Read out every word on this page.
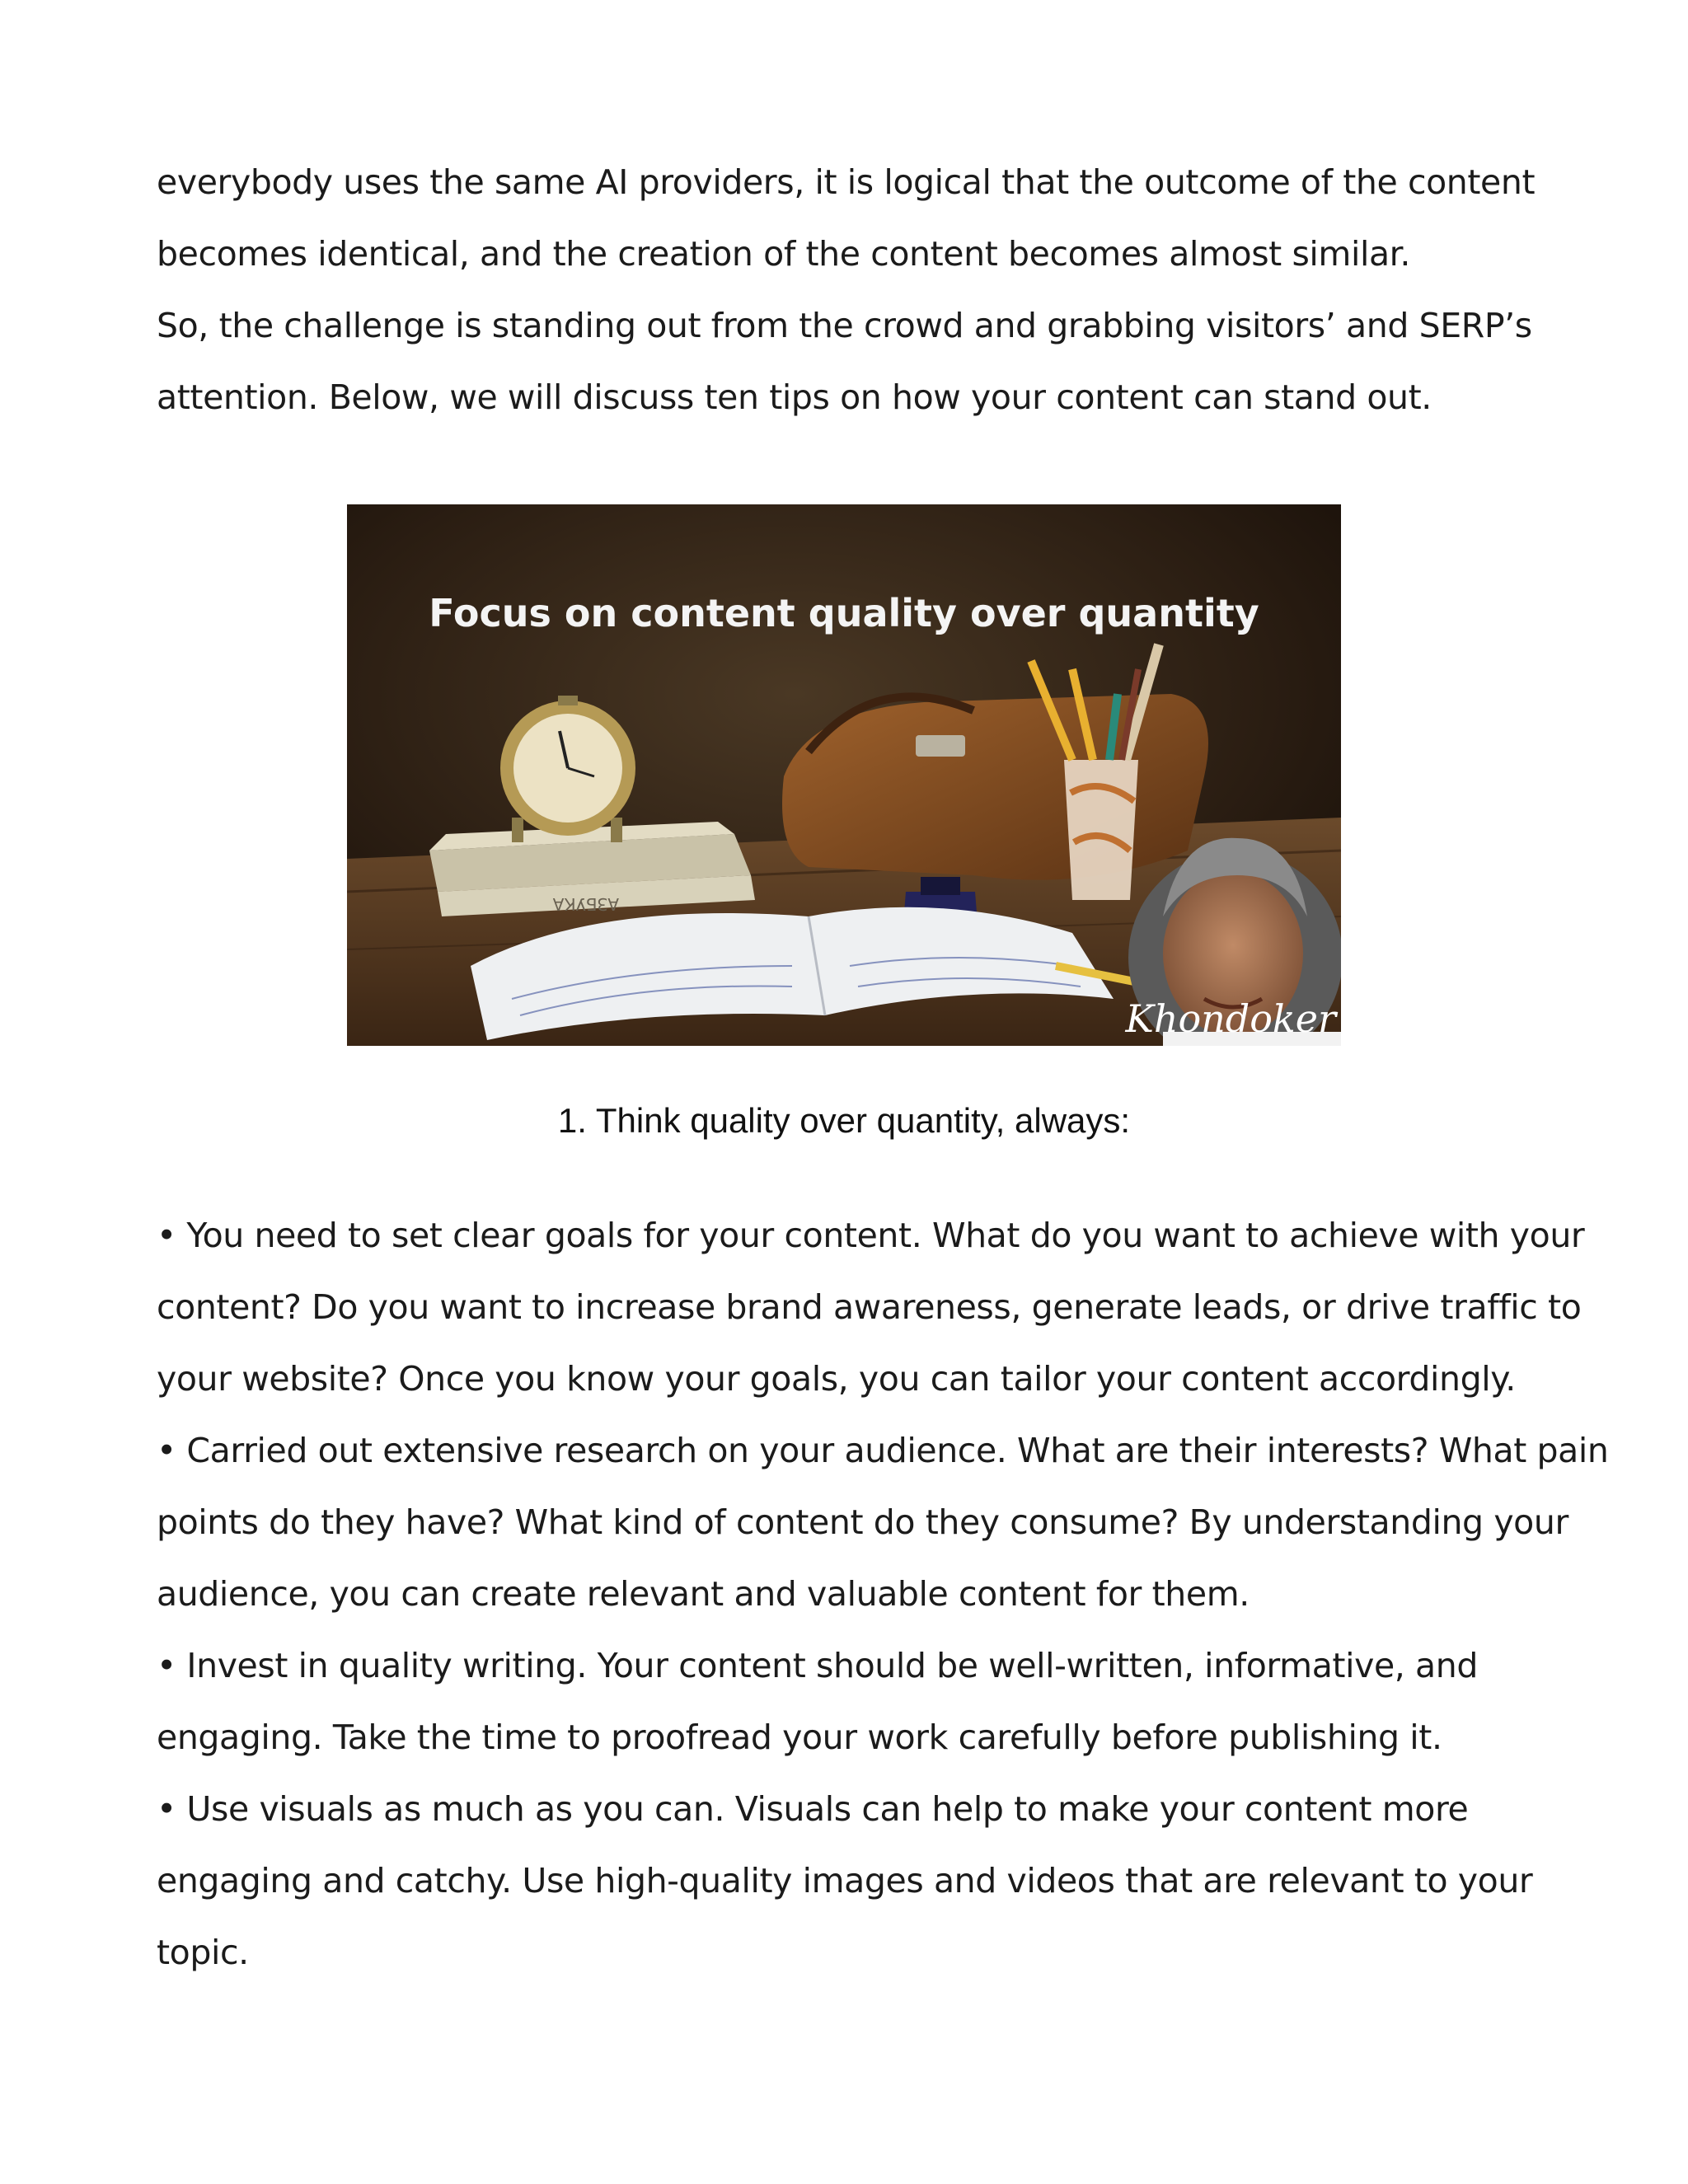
everybody uses the same AI providers, it is logical that the outcome of the content
becomes identical, and the creation of the content becomes almost similar.
So, the challenge is standing out from the crowd and grabbing visitors’ and SERP’s
attention. Below, we will discuss ten tips on how your content can stand out.
АЗБУКА
Focus on content quality over quantity
Khondoker
1. Think quality over quantity, always:
• You need to set clear goals for your content. What do you want to achieve with your
content? Do you want to increase brand awareness, generate leads, or drive traffic to
your website? Once you know your goals, you can tailor your content accordingly.
• Carried out extensive research on your audience. What are their interests? What pain
points do they have? What kind of content do they consume? By understanding your
audience, you can create relevant and valuable content for them.
• Invest in quality writing. Your content should be well-written, informative, and
engaging. Take the time to proofread your work carefully before publishing it.
• Use visuals as much as you can. Visuals can help to make your content more
engaging and catchy. Use high-quality images and videos that are relevant to your
topic.
